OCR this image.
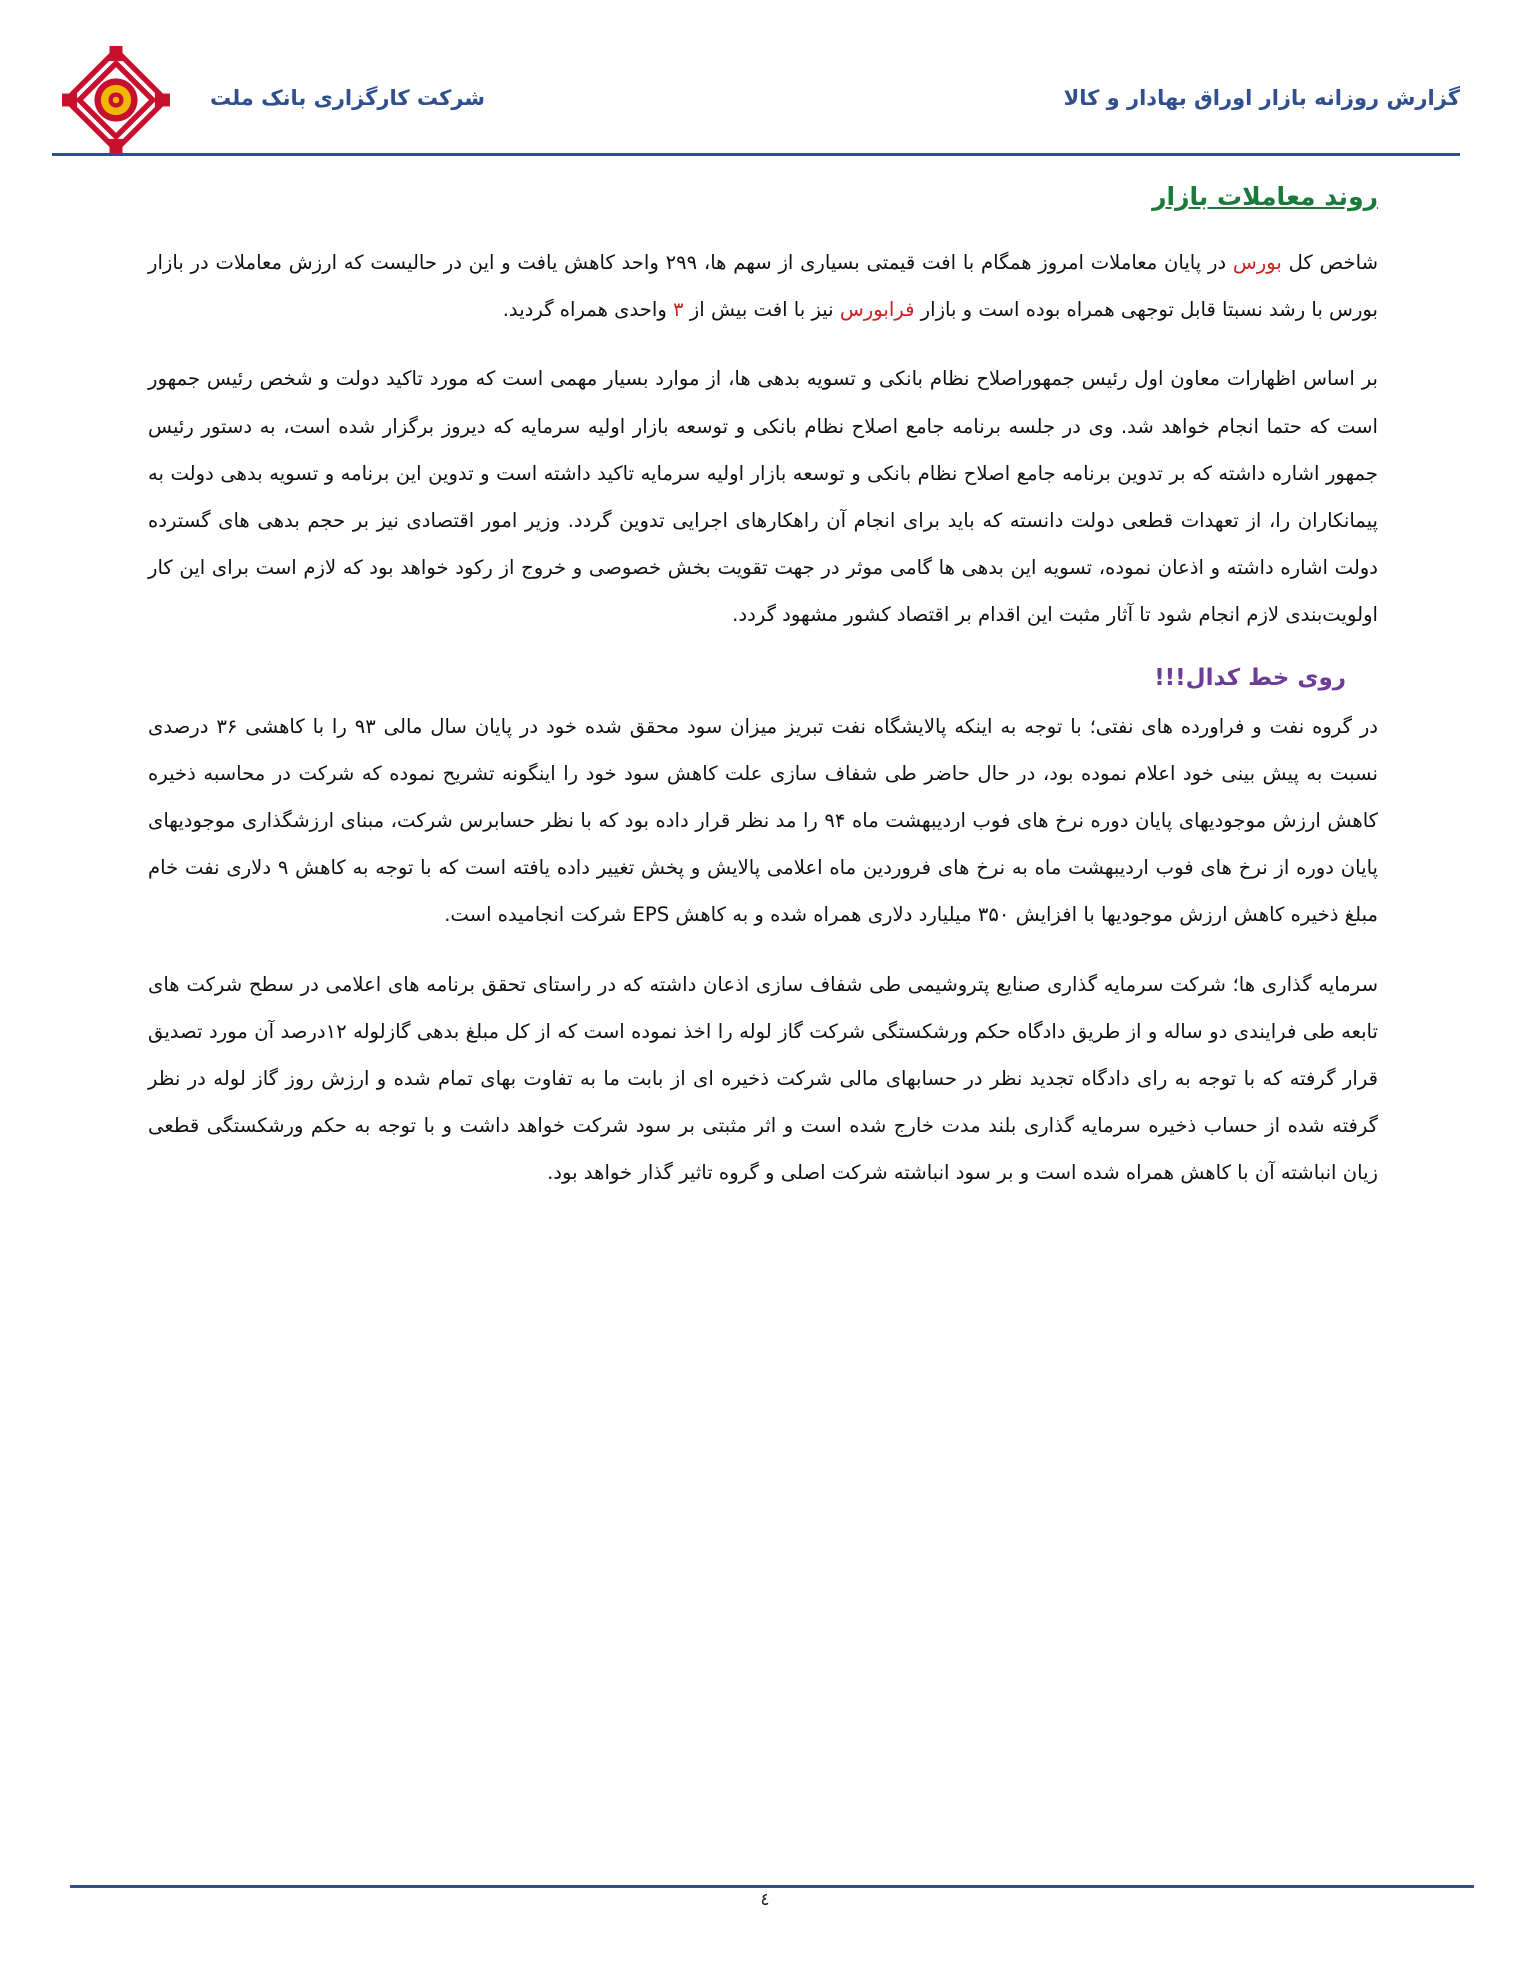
گزارش روزانه بازار اوراق بهادار و کالا
شرکت کارگزاری بانک ملت
روند معاملات بازار

شاخص کل بورس در پایان معاملات امروز همگام با افت قیمتی بسیاری از سهم ها، ۲۹۹ واحد کاهش یافت و این در حالیست که ارزش معاملات در بازار بورس با رشد نسبتا قابل توجهی همراه بوده است و بازار فرابورس نیز با افت بیش از ۳ واحدی همراه گردید.

بر اساس اظهارات معاون اول رئیس جمهوراصلاح نظام بانکی و تسویه بدهی ها، از موارد بسیار مهمی است که مورد تاکید دولت و شخص رئیس جمهور است که حتما انجام خواهد شد. وی در جلسه برنامه جامع اصلاح نظام بانکی و توسعه بازار اولیه سرمایه که دیروز برگزار شده است، به دستور رئیس جمهور اشاره داشته که بر تدوین برنامه جامع اصلاح نظام بانکی و توسعه بازار اولیه سرمایه تاکید داشته است و تدوین این برنامه و تسویه بدهی دولت به پیمانکاران را، از تعهدات قطعی دولت دانسته که باید برای انجام آن راهکارهای اجرایی تدوین گردد. وزیر امور اقتصادی نیز بر حجم بدهی های گسترده دولت اشاره داشته و اذعان نموده، تسویه این بدهی ها گامی موثر در جهت تقویت بخش خصوصی و خروج از رکود خواهد بود که لازم است برای این کار اولویت‌بندی لازم انجام شود تا آثار مثبت این اقدام بر اقتصاد کشور مشهود گردد.

روی خط کدال!!!

در گروه نفت و فراورده های نفتی؛ با توجه به اینکه پالایشگاه نفت تبریز میزان سود محقق شده خود در پایان سال مالی ۹۳ را با کاهشی ۳۶ درصدی نسبت به پیش بینی خود اعلام نموده بود، در حال حاضر طی شفاف سازی علت کاهش سود خود را اینگونه تشریح نموده که شرکت در محاسبه ذخیره کاهش ارزش موجودیهای پایان دوره نرخ های فوب اردیبهشت ماه ۹۴ را مد نظر قرار داده بود که با نظر حسابرس شرکت، مبنای ارزشگذاری موجودیهای پایان دوره از نرخ های فوب اردیبهشت ماه به نرخ های فروردین ماه اعلامی پالایش و پخش تغییر داده یافته است که با توجه به کاهش ۹ دلاری نفت خام مبلغ ذخیره کاهش ارزش موجودیها با افزایش ۳۵۰ میلیارد دلاری همراه شده و به کاهش EPS شرکت انجامیده است.

سرمایه گذاری ها؛ شرکت سرمایه گذاری صنایع پتروشیمی طی شفاف سازی اذعان داشته که در راستای تحقق برنامه های اعلامی در سطح شرکت های تابعه طی فرایندی دو ساله و از طریق دادگاه حکم ورشکستگی شرکت گاز لوله را اخذ نموده است که از کل مبلغ بدهی گازلوله ۱۲درصد آن مورد تصدیق قرار گرفته که با توجه به رای دادگاه تجدید نظر در حسابهای مالی شرکت ذخیره ای از بابت ما به تفاوت بهای تمام شده و ارزش روز گاز لوله در نظر گرفته شده از حساب ذخیره سرمایه گذاری بلند مدت خارج شده است و اثر مثبتی بر سود شرکت خواهد داشت و با توجه به حکم ورشکستگی قطعی زیان انباشته آن با کاهش همراه شده است و بر سود انباشته شرکت اصلی و گروه تاثیر گذار خواهد بود.

٤
